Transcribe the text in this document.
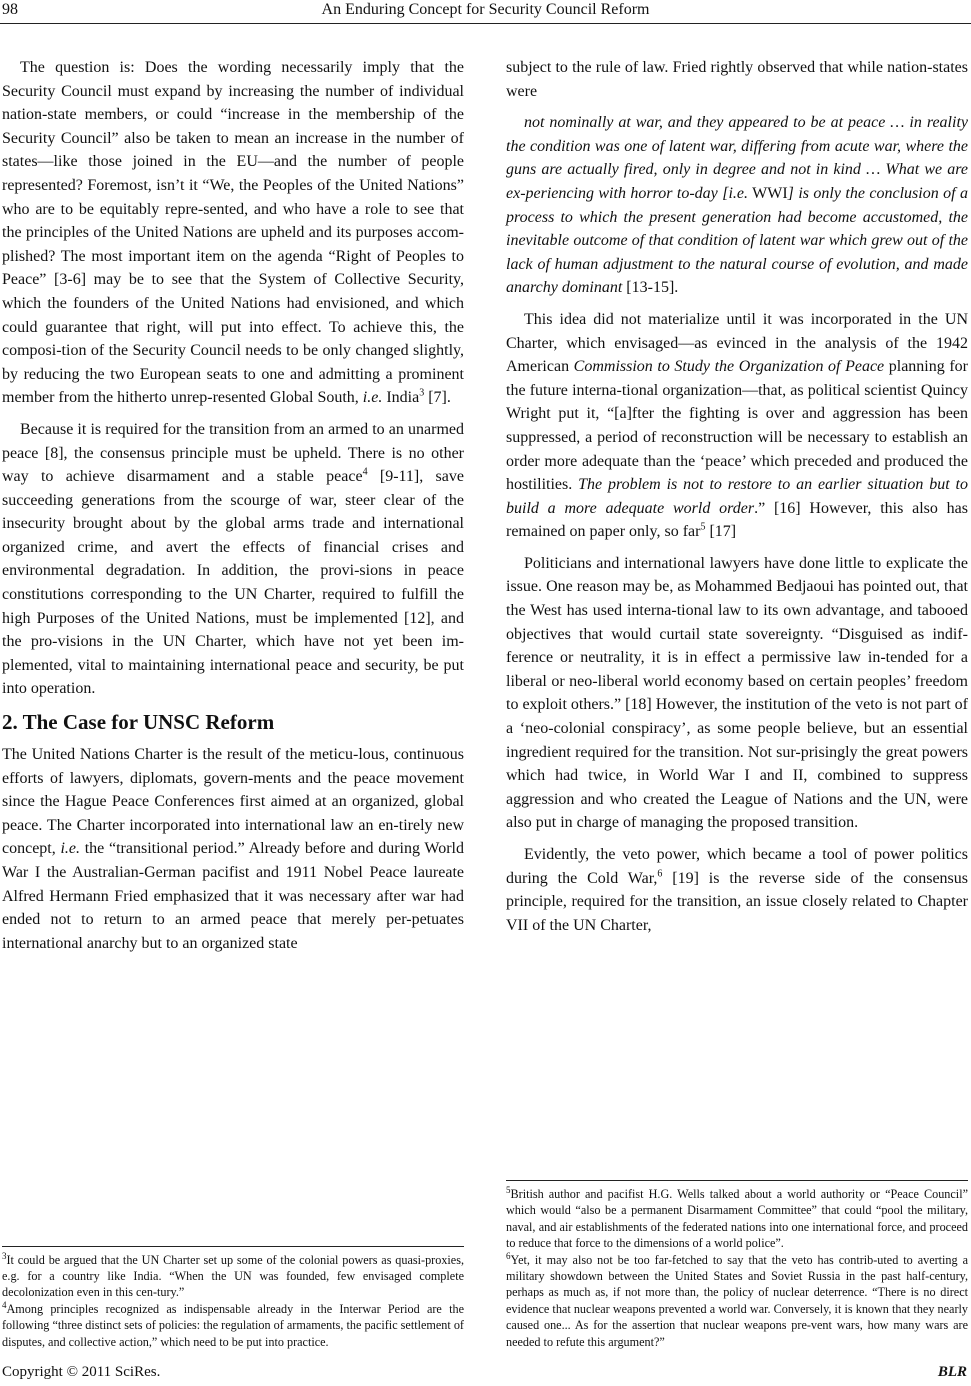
98	An Enduring Concept for Security Council Reform

The question is: Does the wording necessarily imply that the Security Council must expand by increasing the number of individual nation-state members, or could “increase in the membership of the Security Council” also be taken to mean an increase in the number of states—like those joined in the EU—and the number of people represented? Foremost, isn’t it “We, the Peoples of the United Nations” who are to be equitably repre-sented, and who have a role to see that the principles of the United Nations are upheld and its purposes accom-plished? The most important item on the agenda “Right of Peoples to Peace” [3-6] may be to see that the System of Collective Security, which the founders of the United Nations had envisioned, and which could guarantee that right, will put into effect. To achieve this, the composi-tion of the Security Council needs to be only changed slightly, by reducing the two European seats to one and admitting a prominent member from the hitherto unrep-resented Global South, i.e. India$^3$ [7].

Because it is required for the transition from an armed to an unarmed peace [8], the consensus principle must be upheld. There is no other way to achieve disarmament and a stable peace$^4$ [9-11], save succeeding generations from the scourge of war, steer clear of the insecurity brought about by the global arms trade and international organized crime, and avert the effects of financial crises and environmental degradation. In addition, the provi-sions in peace constitutions corresponding to the UN Charter, required to fulfill the high Purposes of the United Nations, must be implemented [12], and the pro-visions in the UN Charter, which have not yet been im-plemented, vital to maintaining international peace and security, be put into operation.

2. The Case for UNSC Reform

The United Nations Charter is the result of the meticu-lous, continuous efforts of lawyers, diplomats, govern-ments and the peace movement since the Hague Peace Conferences first aimed at an organized, global peace. The Charter incorporated into international law an en-tirely new concept, i.e. the “transitional period.” Already before and during World War I the Australian-German pacifist and 1911 Nobel Peace laureate Alfred Hermann Fried emphasized that it was necessary after war had ended not to return to an armed peace that merely per-petuates international anarchy but to an organized state

$^3$It could be argued that the UN Charter set up some of the colonial powers as quasi-proxies, e.g. for a country like India. “When the UN was founded, few envisaged complete decolonization even in this cen-tury.”

$^4$Among principles recognized as indispensable already in the Interwar Period are the following “three distinct sets of policies: the regulation of armaments, the pacific settlement of disputes, and collective action,” which need to be put into practice.

subject to the rule of law. Fried rightly observed that while nation-states were

not nominally at war, and they appeared to be at peace … in reality the condition was one of latent war, differing from acute war, where the guns are actually fired, only in degree and not in kind … What we are ex-periencing with horror to-day [i.e. WWI] is only the conclusion of a process to which the present generation had become accustomed, the inevitable outcome of that condition of latent war which grew out of the lack of human adjustment to the natural course of evolution, and made anarchy dominant [13-15].

This idea did not materialize until it was incorporated in the UN Charter, which envisaged—as evinced in the analysis of the 1942 American Commission to Study the Organization of Peace planning for the future interna-tional organization—that, as political scientist Quincy Wright put it, “[a]fter the fighting is over and aggression has been suppressed, a period of reconstruction will be necessary to establish an order more adequate than the ‘peace’ which preceded and produced the hostilities. The problem is not to restore to an earlier situation but to build a more adequate world order.” [16] However, this also has remained on paper only, so far$^5$ [17]

Politicians and international lawyers have done little to explicate the issue. One reason may be, as Mohammed Bedjaoui has pointed out, that the West has used interna-tional law to its own advantage, and tabooed objectives that would curtail state sovereignty. “Disguised as indif-ference or neutrality, it is in effect a permissive law in-tended for a liberal or neo-liberal world economy based on certain peoples’ freedom to exploit others.” [18] However, the institution of the veto is not part of a ‘neo-colonial conspiracy’, as some people believe, but an essential ingredient required for the transition. Not sur-prisingly the great powers which had twice, in World War I and II, combined to suppress aggression and who created the League of Nations and the UN, were also put in charge of managing the proposed transition.

Evidently, the veto power, which became a tool of power politics during the Cold War,$^6$ [19] is the reverse side of the consensus principle, required for the transition, an issue closely related to Chapter VII of the UN Charter,

$^5$British author and pacifist H.G. Wells talked about a world authority or “Peace Council” which would “also be a permanent Disarmament Committee” that could “pool the military, naval, and air establishments of the federated nations into one international force, and proceed to reduce that force to the dimensions of a world police”.

$^6$Yet, it may also not be too far-fetched to say that the veto has contrib-uted to averting a military showdown between the United States and Soviet Russia in the past half-century, perhaps as much as, if not more than, the policy of nuclear deterrence. “There is no direct evidence that nuclear weapons prevented a world war. Conversely, it is known that they nearly caused one... As for the assertion that nuclear weapons pre-vent wars, how many wars are needed to refute this argument?”

Copyright © 2011 SciRes.	BLR
